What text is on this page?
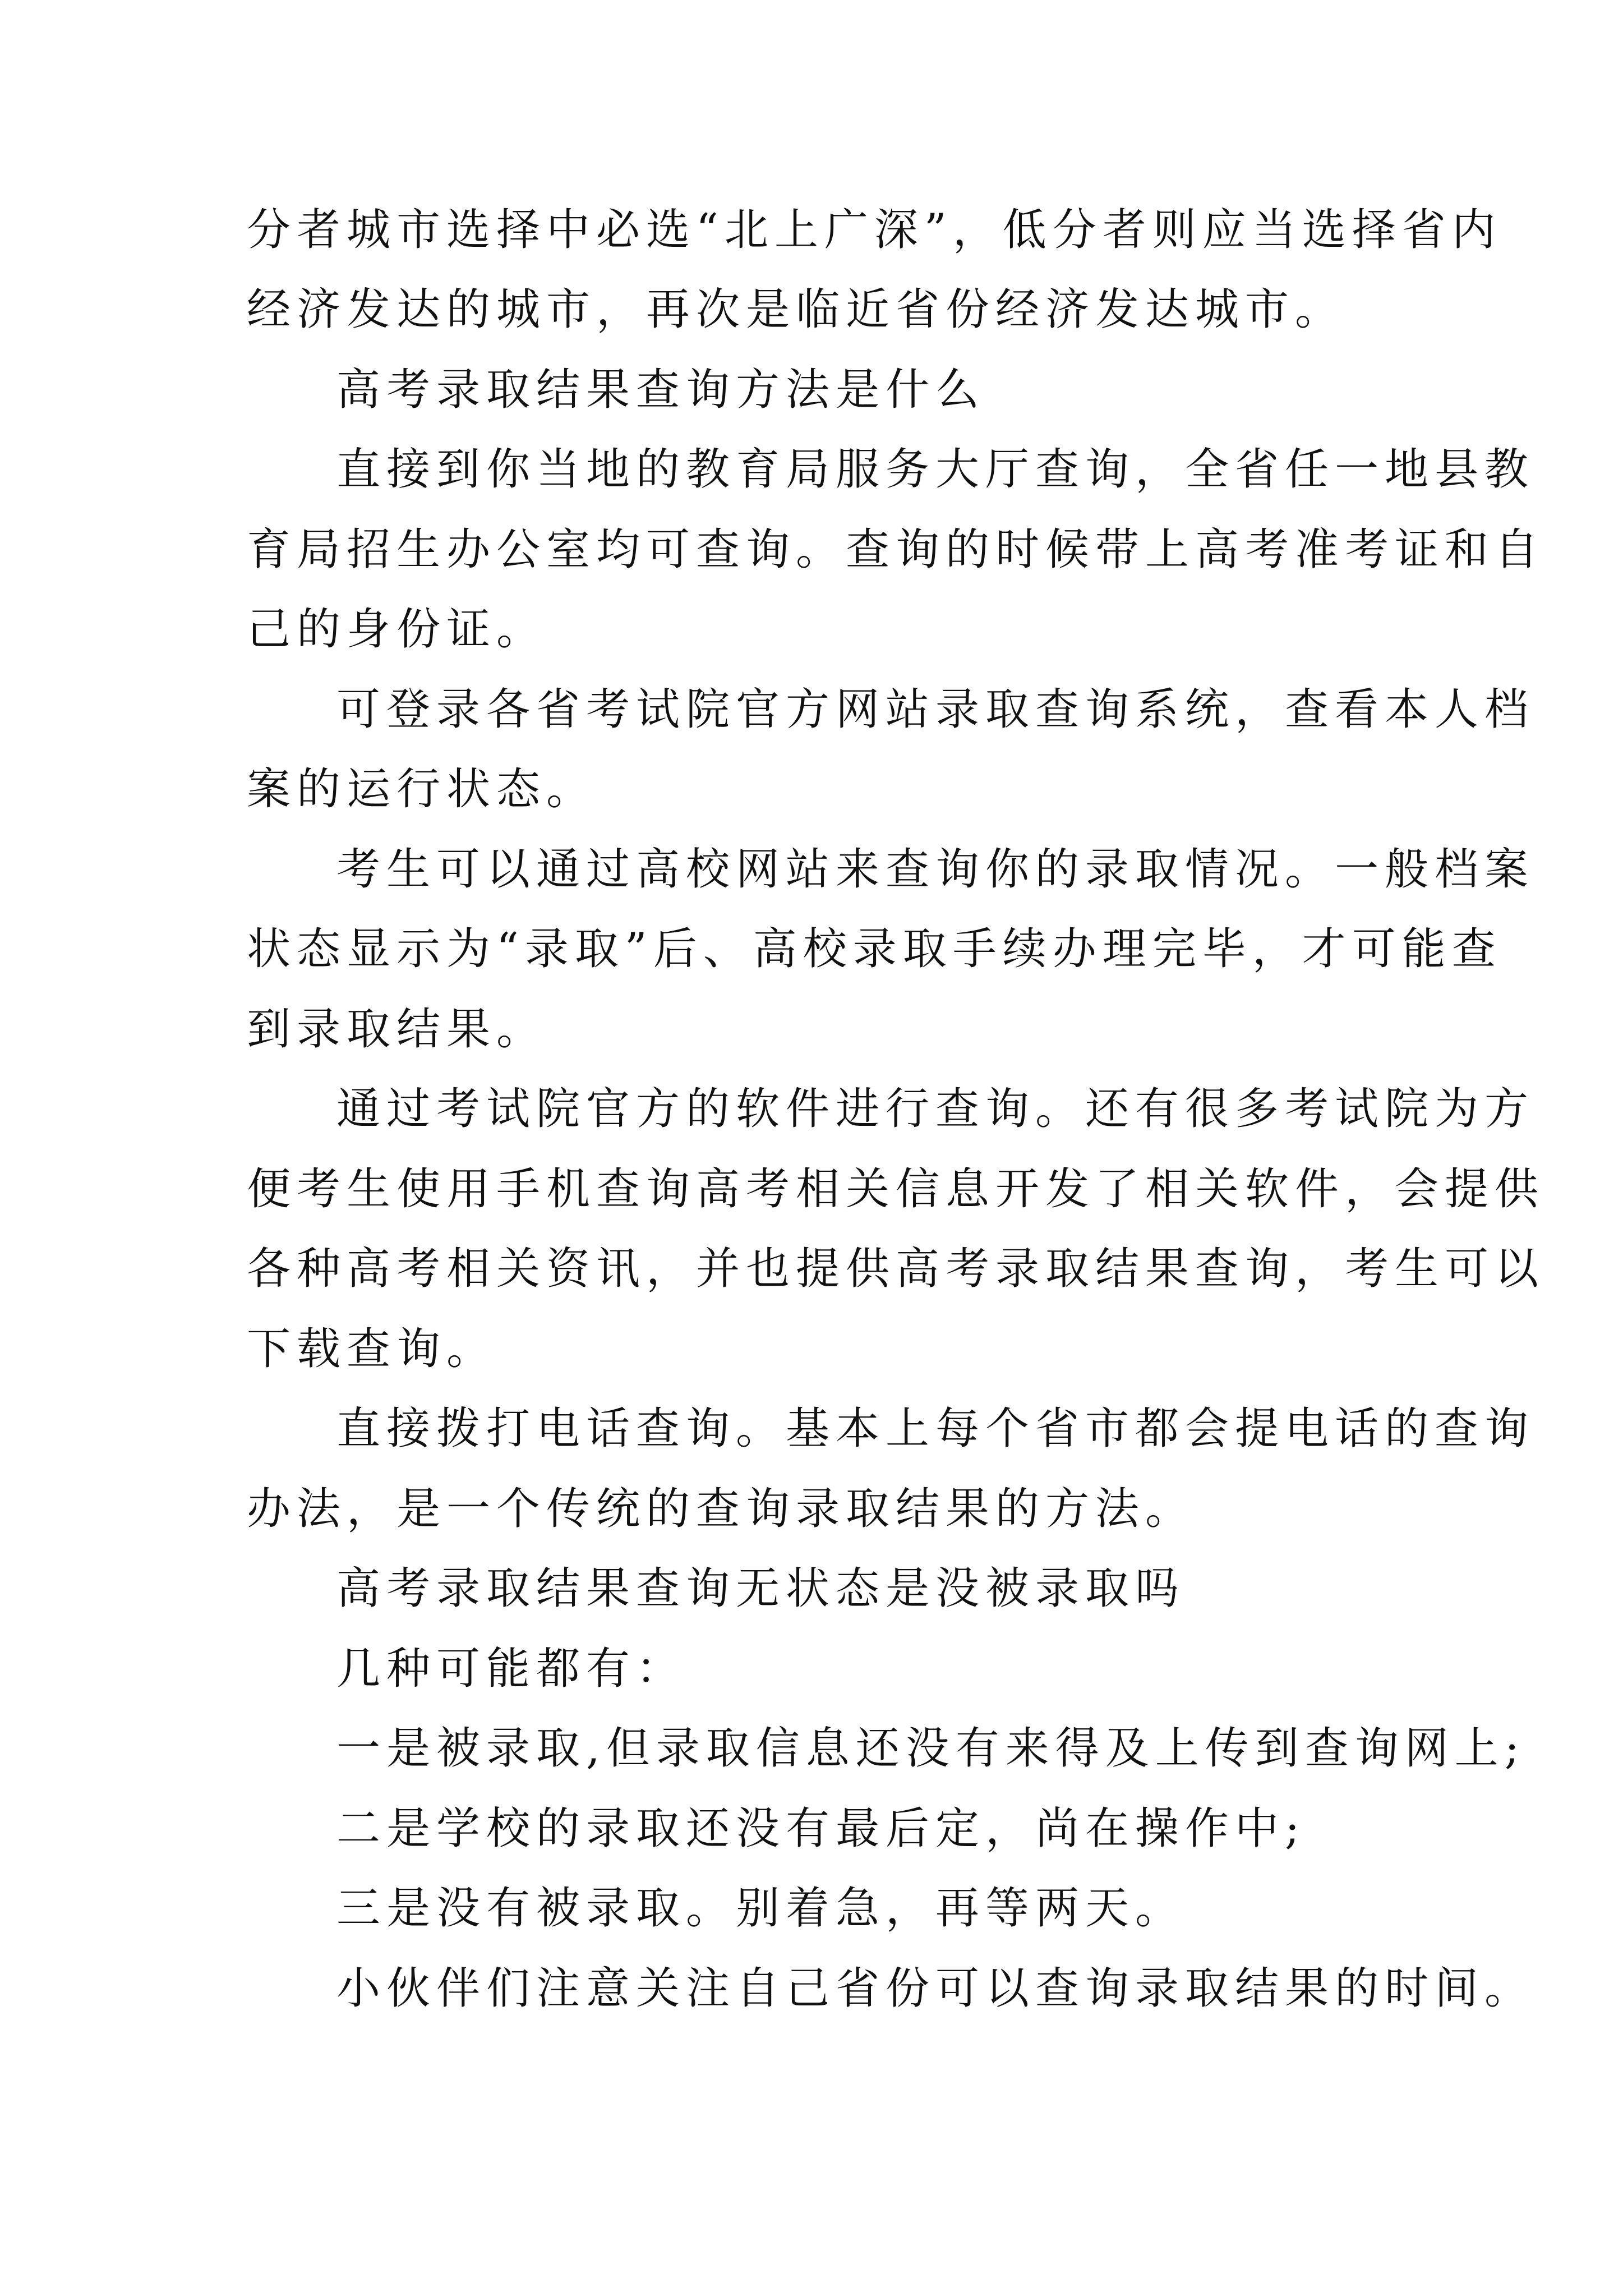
分者城市选择中必选“北上广深”，低分者则应当选择省内
经济发达的城市，再次是临近省份经济发达城市。
高考录取结果查询方法是什么
直接到你当地的教育局服务大厅查询，全省任一地县教
育局招生办公室均可查询。查询的时候带上高考准考证和自
己的身份证。
可登录各省考试院官方网站录取查询系统，查看本人档
案的运行状态。
考生可以通过高校网站来查询你的录取情况。一般档案
状态显示为“录取”后、高校录取手续办理完毕，才可能查
到录取结果。
通过考试院官方的软件进行查询。还有很多考试院为方
便考生使用手机查询高考相关信息开发了相关软件，会提供
各种高考相关资讯，并也提供高考录取结果查询，考生可以
下载查询。
直接拨打电话查询。基本上每个省市都会提电话的查询
办法，是一个传统的查询录取结果的方法。
高考录取结果查询无状态是没被录取吗
几种可能都有：
一是被录取,但录取信息还没有来得及上传到查询网上;
二是学校的录取还没有最后定，尚在操作中;
三是没有被录取。别着急，再等两天。
小伙伴们注意关注自己省份可以查询录取结果的时间。
